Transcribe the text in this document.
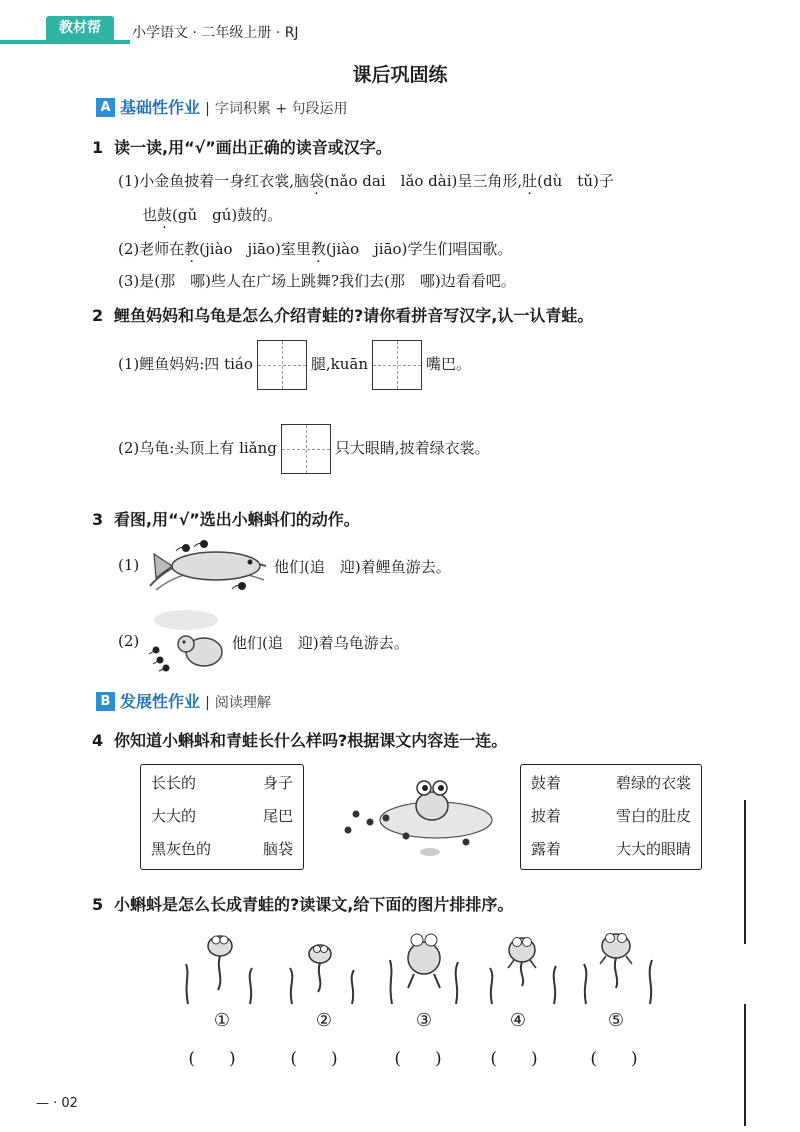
教材帮	小学语文 · 二年级上册 · RJ
课后巩固练
A 基础性作业 | 字词积累 + 句段运用
1 读一读,用“√”画出正确的读音或汉字。
(1)小金鱼披着一身红衣裳,脑袋(nǎo dai　lǎo dài)呈三角形,肚(dù　tǔ)子
也鼓(gǔ　gú)鼓的。
(2)老师在教(jiào　jiāo)室里教(jiào　jiāo)学生们唱国歌。
(3)是(那　哪)些人在广场上跳舞?我们去(那　哪)边看看吧。
2 鲤鱼妈妈和乌龟是怎么介绍青蛙的?请你看拼音写汉字,认一认青蛙。
(1)鲤鱼妈妈:四 tiáo	腿,kuān	嘴巴。
(2)乌龟:头顶上有 liǎng	只大眼睛,披着绿衣裳。
3 看图,用“√”选出小蝌蚪们的动作。
(1)	他们(追　迎)着鲤鱼游去。
(2)	他们(追　迎)着乌龟游去。
B 发展性作业 | 阅读理解
4 你知道小蝌蚪和青蛙长什么样吗?根据课文内容连一连。
长长的	身子
大大的	尾巴
黑灰色的	脑袋
鼓着	碧绿的衣裳
披着	雪白的肚皮
露着	大大的眼睛
5 小蝌蚪是怎么长成青蛙的?读课文,给下面的图片排排序。
①	②	③	④	⑤
(　　)	(　　)	(　　)	(　　)	(　　)
— · 02
